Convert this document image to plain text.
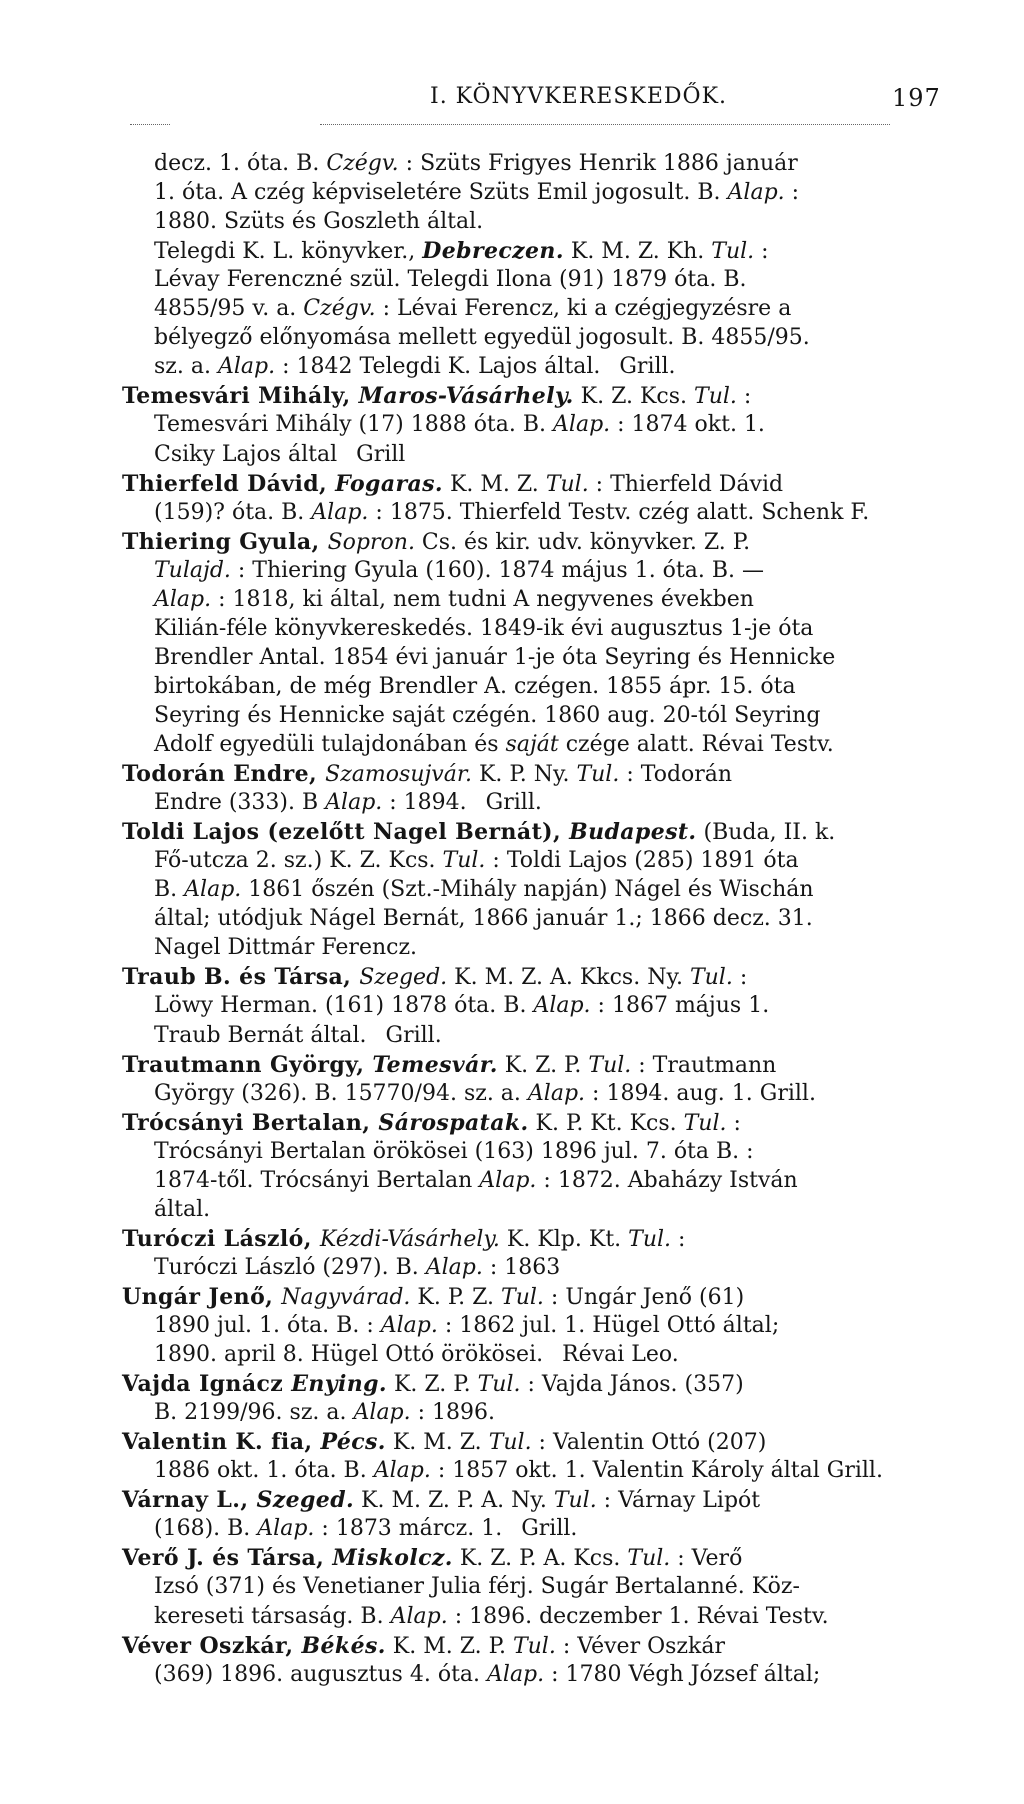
I. KÖNYVKERESKEDŐK.	197
decz. 1. óta. B. Czégv. : Szüts Frigyes Henrik 1886 január
1. óta. A czég képviseletére Szüts Emil jogosult. B. Alap. :
1880. Szüts és Goszleth által.
Telegdi K. L. könyvker., Debreczen. K. M. Z. Kh. Tul. :
Lévay Ferenczné szül. Telegdi Ilona (91) 1879 óta. B.
4855/95 v. a. Czégv. : Lévai Ferencz, ki a czégjegyzésre a
bélyegző előnyomása mellett egyedül jogosult. B. 4855/95.
sz. a. Alap. : 1842 Telegdi K. Lajos által. Grill.
Temesvári Mihály, Maros-Vásárhely. K. Z. Kcs. Tul. :
Temesvári Mihály (17) 1888 óta. B. Alap. : 1874 okt. 1.
Csiky Lajos által Grill
Thierfeld Dávid, Fogaras. K. M. Z. Tul. : Thierfeld Dávid
(159)? óta. B. Alap. : 1875. Thierfeld Testv. czég alatt. Schenk F.
Thiering Gyula, Sopron. Cs. és kir. udv. könyvker. Z. P.
Tulajd. : Thiering Gyula (160). 1874 május 1. óta. B. —
Alap. : 1818, ki által, nem tudni A negyvenes években
Kilián-féle könyvkereskedés. 1849-ik évi augusztus 1-je óta
Brendler Antal. 1854 évi január 1-je óta Seyring és Hennicke
birtokában, de még Brendler A. czégen. 1855 ápr. 15. óta
Seyring és Hennicke saját czégén. 1860 aug. 20-tól Seyring
Adolf egyedüli tulajdonában és saját czége alatt. Révai Testv.
Todorán Endre, Szamosujvár. K. P. Ny. Tul. : Todorán
Endre (333). B Alap. : 1894. Grill.
Toldi Lajos (ezelőtt Nagel Bernát), Budapest. (Buda, II. k.
Fő-utcza 2. sz.) K. Z. Kcs. Tul. : Toldi Lajos (285) 1891 óta
B. Alap. 1861 őszén (Szt.-Mihály napján) Nágel és Wischán
által; utódjuk Nágel Bernát, 1866 január 1.; 1866 decz. 31.
Nagel Dittmár Ferencz.
Traub B. és Társa, Szeged. K. M. Z. A. Kkcs. Ny. Tul. :
Löwy Herman. (161) 1878 óta. B. Alap. : 1867 május 1.
Traub Bernát által. Grill.
Trautmann György, Temesvár. K. Z. P. Tul. : Trautmann
György (326). B. 15770/94. sz. a. Alap. : 1894. aug. 1. Grill.
Trócsányi Bertalan, Sárospatak. K. P. Kt. Kcs. Tul. :
Trócsányi Bertalan örökösei (163) 1896 jul. 7. óta B. :
1874-től. Trócsányi Bertalan Alap. : 1872. Abaházy István
által.
Turóczi László, Kézdi-Vásárhely. K. Klp. Kt. Tul. :
Turóczi László (297). B. Alap. : 1863
Ungár Jenő, Nagyvárad. K. P. Z. Tul. : Ungár Jenő (61)
1890 jul. 1. óta. B. : Alap. : 1862 jul. 1. Hügel Ottó által;
1890. april 8. Hügel Ottó örökösei. Révai Leo.
Vajda Ignácz Enying. K. Z. P. Tul. : Vajda János. (357)
B. 2199/96. sz. a. Alap. : 1896.
Valentin K. fia, Pécs. K. M. Z. Tul. : Valentin Ottó (207)
1886 okt. 1. óta. B. Alap. : 1857 okt. 1. Valentin Károly által Grill.
Várnay L., Szeged. K. M. Z. P. A. Ny. Tul. : Várnay Lipót
(168). B. Alap. : 1873 márcz. 1. Grill.
Verő J. és Társa, Miskolcz. K. Z. P. A. Kcs. Tul. : Verő
Izsó (371) és Venetianer Julia férj. Sugár Bertalanné. Köz-
kereseti társaság. B. Alap. : 1896. deczember 1. Révai Testv.
Véver Oszkár, Békés. K. M. Z. P. Tul. : Véver Oszkár
(369) 1896. augusztus 4. óta. Alap. : 1780 Végh József által;
